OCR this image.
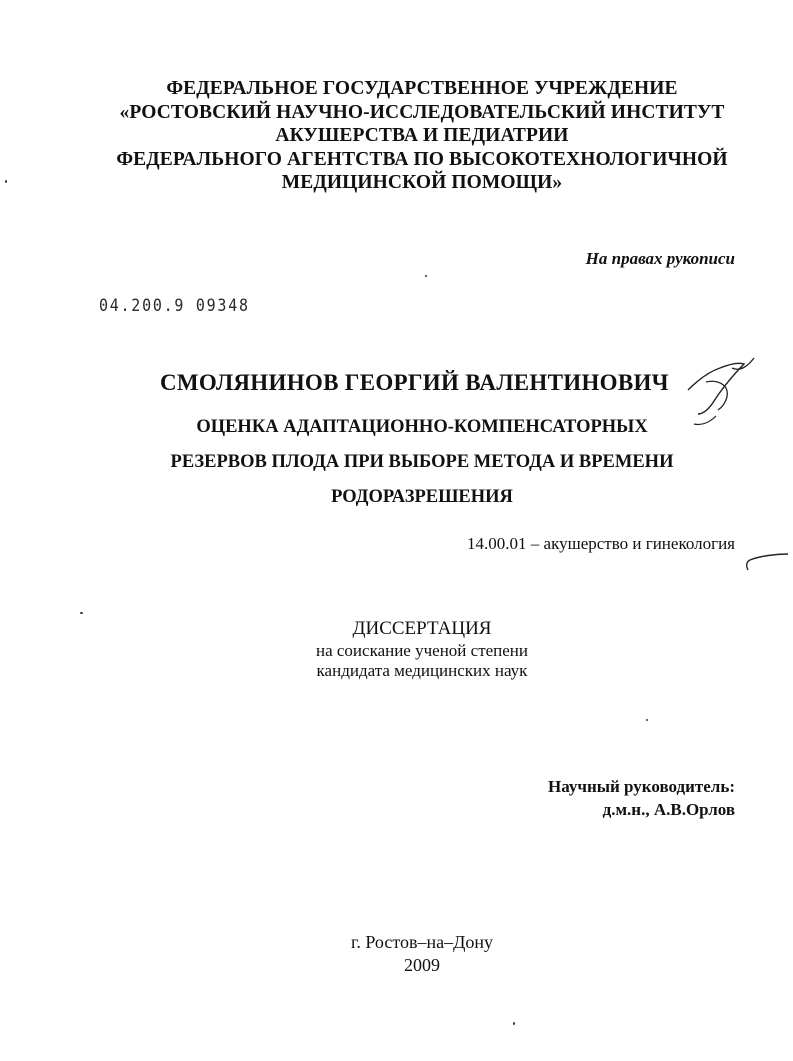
ФЕДЕРАЛЬНОЕ ГОСУДАРСТВЕННОЕ УЧРЕЖДЕНИЕ
«РОСТОВСКИЙ НАУЧНО-ИССЛЕДОВАТЕЛЬСКИЙ ИНСТИТУТ
АКУШЕРСТВА И ПЕДИАТРИИ
ФЕДЕРАЛЬНОГО АГЕНТСТВА ПО ВЫСОКОТЕХНОЛОГИЧНОЙ
МЕДИЦИНСКОЙ ПОМОЩИ»
На правах рукописи
04.200.9 09348
СМОЛЯНИНОВ ГЕОРГИЙ ВАЛЕНТИНОВИЧ
ОЦЕНКА АДАПТАЦИОННО-КОМПЕНСАТОРНЫХ
РЕЗЕРВОВ ПЛОДА ПРИ ВЫБОРЕ МЕТОДА И ВРЕМЕНИ
РОДОРАЗРЕШЕНИЯ
14.00.01 – акушерство и гинекология
ДИССЕРТАЦИЯ
на соискание ученой степени
кандидата медицинских наук
Научный руководитель:
д.м.н., А.В.Орлов
г. Ростов–на–Дону
2009
